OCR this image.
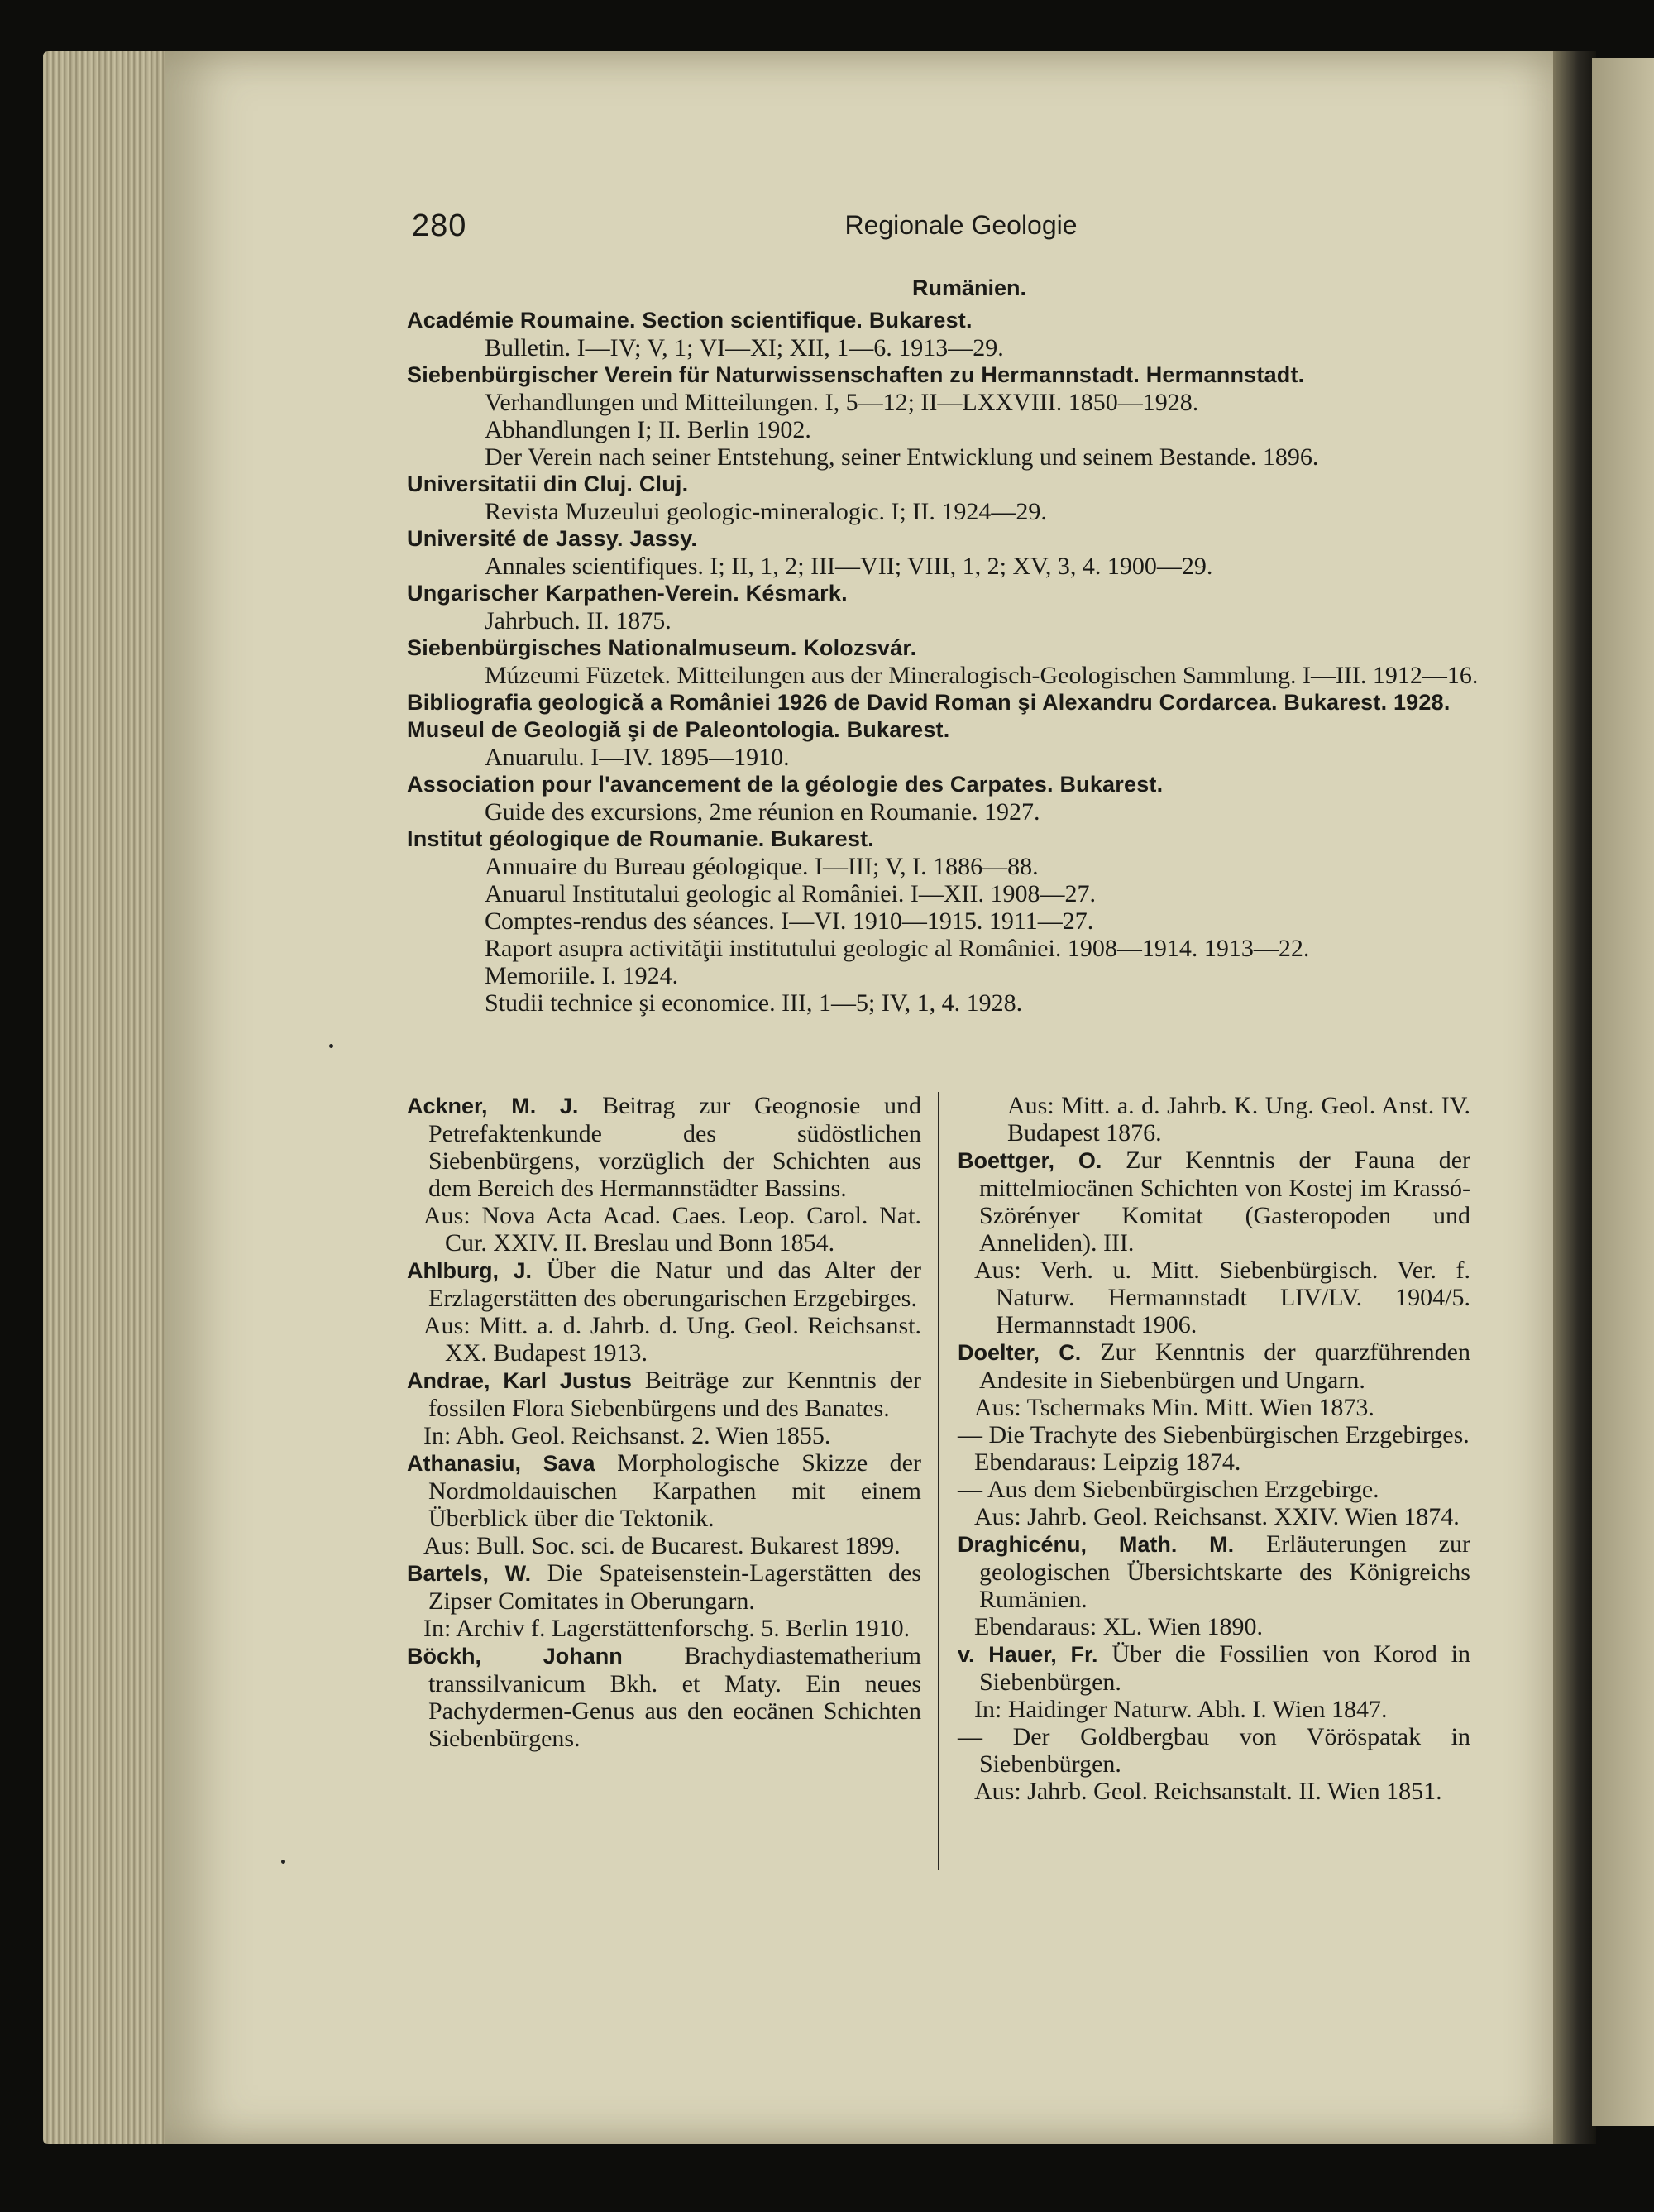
280	Regionale Geologie
Rumänien.
Académie Roumaine. Section scientifique. Bukarest.
Bulletin. I—IV; V, 1; VI—XI; XII, 1—6. 1913—29.
Siebenbürgischer Verein für Naturwissenschaften zu Hermannstadt. Hermannstadt.
Verhandlungen und Mitteilungen. I, 5—12; II—LXXVIII. 1850—1928.
Abhandlungen I; II. Berlin 1902.
Der Verein nach seiner Entstehung, seiner Entwicklung und seinem Bestande. 1896.
Universitatii din Cluj. Cluj.
Revista Muzeului geologic-mineralogic. I; II. 1924—29.
Université de Jassy. Jassy.
Annales scientifiques. I; II, 1, 2; III—VII; VIII, 1, 2; XV, 3, 4. 1900—29.
Ungarischer Karpathen-Verein. Késmark.
Jahrbuch. II. 1875.
Siebenbürgisches Nationalmuseum. Kolozsvár.
Múzeumi Füzetek. Mitteilungen aus der Mineralogisch-Geologischen Sammlung. I—III. 1912—16.
Bibliografia geologică a României 1926 de David Roman şi Alexandru Cordarcea. Bukarest. 1928.
Museul de Geologiă şi de Paleontologia. Bukarest.
Anuarulu. I—IV. 1895—1910.
Association pour l'avancement de la géologie des Carpates. Bukarest.
Guide des excursions, 2me réunion en Roumanie. 1927.
Institut géologique de Roumanie. Bukarest.
Annuaire du Bureau géologique. I—III; V, I. 1886—88.
Anuarul Institutalui geologic al României. I—XII. 1908—27.
Comptes-rendus des séances. I—VI. 1910—1915. 1911—27.
Raport asupra activităţii institutului geologic al României. 1908—1914. 1913—22.
Memoriile. I. 1924.
Studii technice şi economice. III, 1—5; IV, 1, 4. 1928.
Ackner, M. J. Beitrag zur Geognosie und Petrefaktenkunde des südöstlichen Siebenbürgens, vorzüglich der Schichten aus dem Bereich des Hermannstädter Bassins.
Aus: Nova Acta Acad. Caes. Leop. Carol. Nat. Cur. XXIV. II. Breslau und Bonn 1854.
Ahlburg, J. Über die Natur und das Alter der Erzlagerstätten des oberungarischen Erzgebirges.
Aus: Mitt. a. d. Jahrb. d. Ung. Geol. Reichsanst. XX. Budapest 1913.
Andrae, Karl Justus Beiträge zur Kenntnis der fossilen Flora Siebenbürgens und des Banates.
In: Abh. Geol. Reichsanst. 2. Wien 1855.
Athanasiu, Sava Morphologische Skizze der Nordmoldauischen Karpathen mit einem Überblick über die Tektonik.
Aus: Bull. Soc. sci. de Bucarest. Bukarest 1899.
Bartels, W. Die Spateisenstein-Lagerstätten des Zipser Comitates in Oberungarn.
In: Archiv f. Lagerstättenforschg. 5. Berlin 1910.
Böckh, Johann Brachydiastematherium transsilvanicum Bkh. et Maty. Ein neues Pachydermen-Genus aus den eocänen Schichten Siebenbürgens.
Aus: Mitt. a. d. Jahrb. K. Ung. Geol. Anst. IV. Budapest 1876.
Boettger, O. Zur Kenntnis der Fauna der mittelmiocänen Schichten von Kostej im Krassó-Szörényer Komitat (Gasteropoden und Anneliden). III.
Aus: Verh. u. Mitt. Siebenbürgisch. Ver. f. Naturw. Hermannstadt LIV/LV. 1904/5. Hermannstadt 1906.
Doelter, C. Zur Kenntnis der quarzführenden Andesite in Siebenbürgen und Ungarn.
Aus: Tschermaks Min. Mitt. Wien 1873.
— Die Trachyte des Siebenbürgischen Erzgebirges.
Ebendaraus: Leipzig 1874.
— Aus dem Siebenbürgischen Erzgebirge.
Aus: Jahrb. Geol. Reichsanst. XXIV. Wien 1874.
Draghicénu, Math. M. Erläuterungen zur geologischen Übersichtskarte des Königreichs Rumänien.
Ebendaraus: XL. Wien 1890.
v. Hauer, Fr. Über die Fossilien von Korod in Siebenbürgen.
In: Haidinger Naturw. Abh. I. Wien 1847.
— Der Goldbergbau von Vöröspatak in Siebenbürgen.
Aus: Jahrb. Geol. Reichsanstalt. II. Wien 1851.
